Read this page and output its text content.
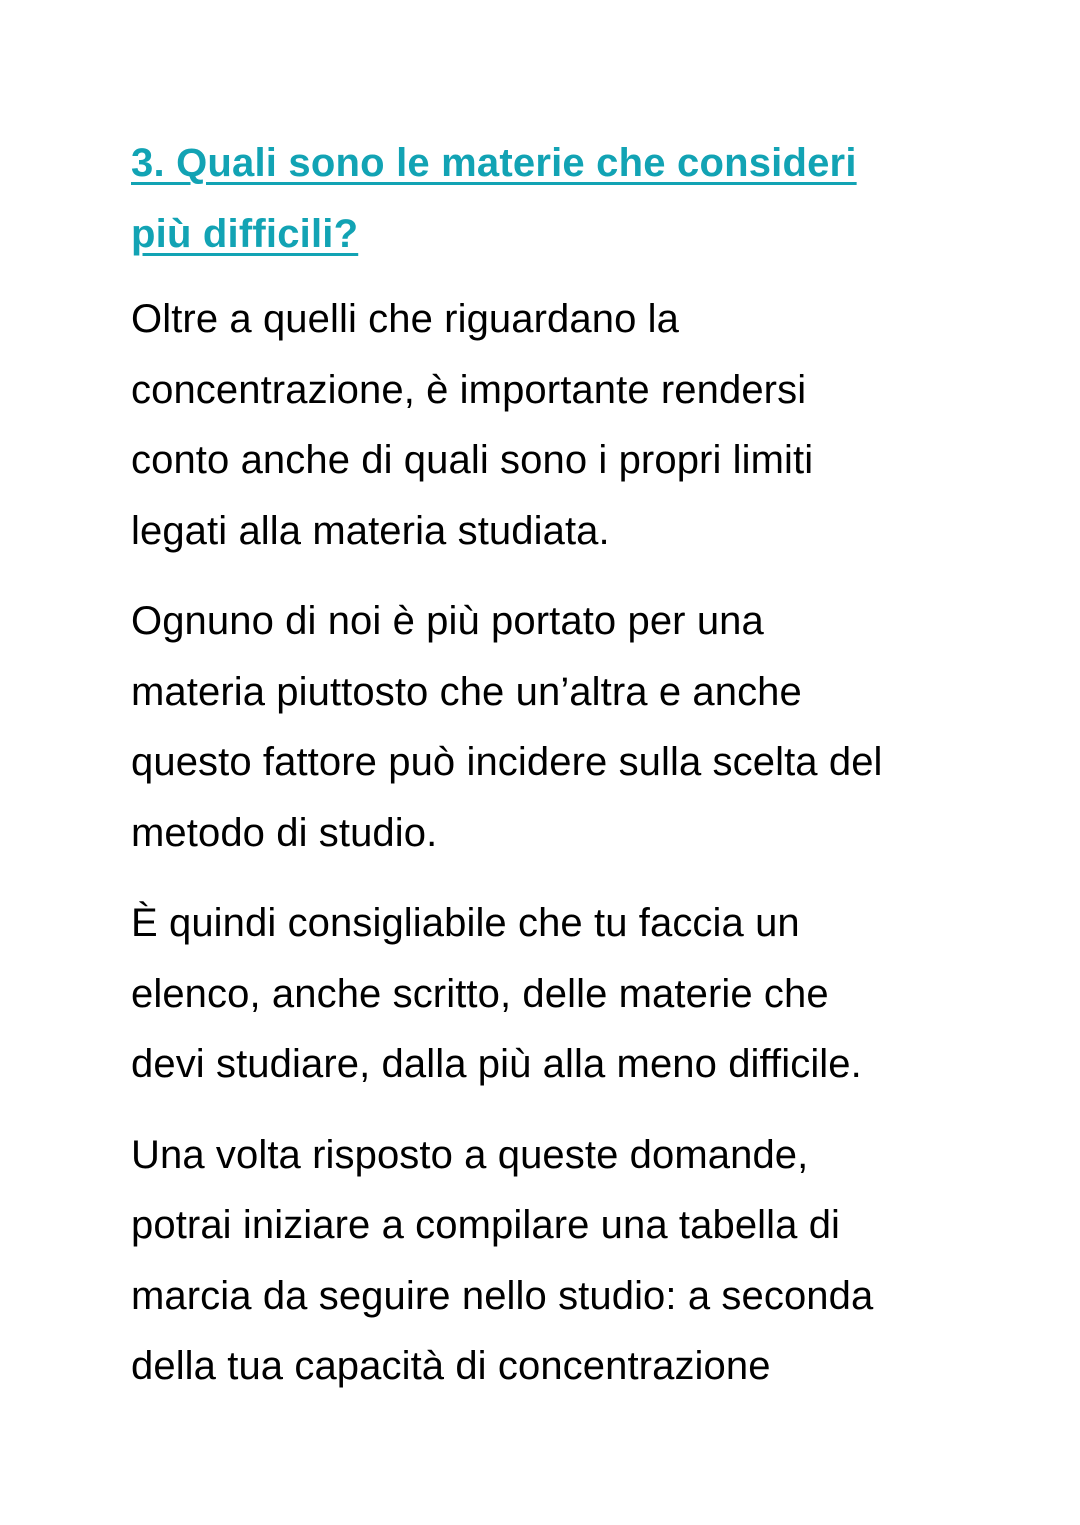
3. Quali sono le materie che consideri
più difficili?

Oltre a quelli che riguardano la
concentrazione, è importante rendersi
conto anche di quali sono i propri limiti
legati alla materia studiata.

Ognuno di noi è più portato per una
materia piuttosto che un’altra e anche
questo fattore può incidere sulla scelta del
metodo di studio.

È quindi consigliabile che tu faccia un
elenco, anche scritto, delle materie che
devi studiare, dalla più alla meno difficile.

Una volta risposto a queste domande,
potrai iniziare a compilare una tabella di
marcia da seguire nello studio: a seconda
della tua capacità di concentrazione
